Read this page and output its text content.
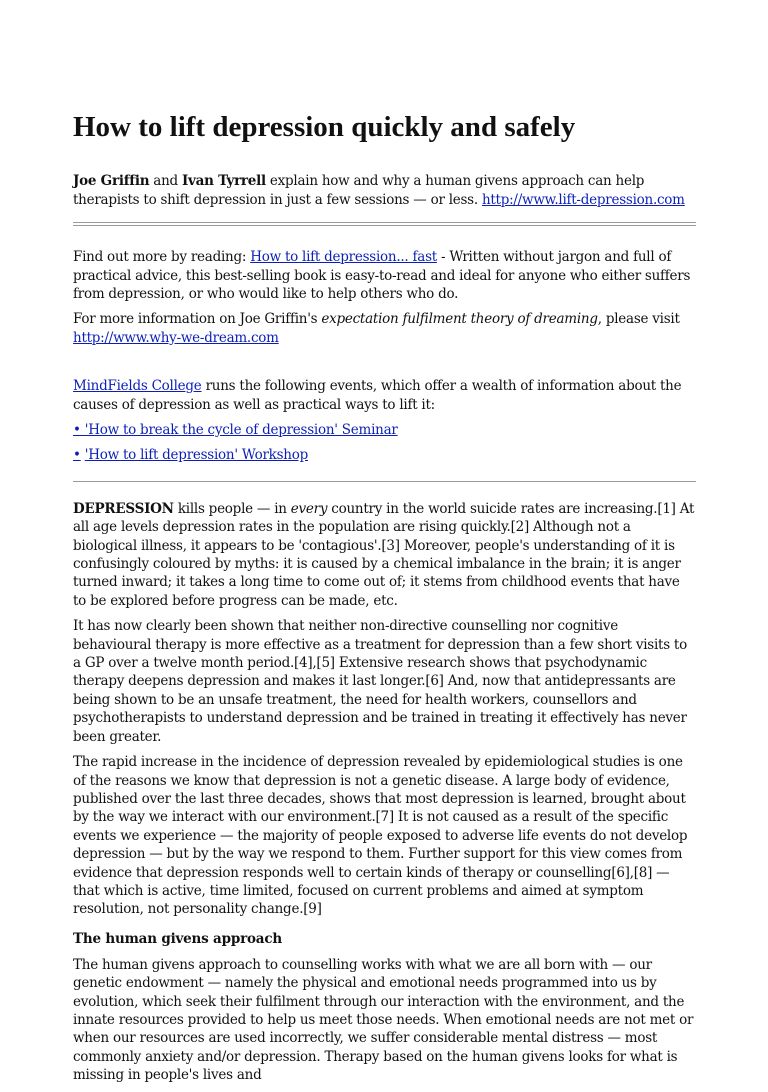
How to lift depression quickly and safely

Joe Griffin and Ivan Tyrrell explain how and why a human givens approach can help therapists to shift depression in just a few sessions — or less. http://www.lift-depression.com

Find out more by reading: How to lift depression... fast - Written without jargon and full of practical advice, this best-selling book is easy-to-read and ideal for anyone who either suffers from depression, or who would like to help others who do.

For more information on Joe Griffin's expectation fulfilment theory of dreaming, please visit http://www.why-we-dream.com

MindFields College runs the following events, which offer a wealth of information about the causes of depression as well as practical ways to lift it:

• 'How to break the cycle of depression' Seminar

• 'How to lift depression' Workshop

DEPRESSION kills people — in every country in the world suicide rates are increasing.[1] At all age levels depression rates in the population are rising quickly.[2] Although not a biological illness, it appears to be 'contagious'.[3] Moreover, people's understanding of it is confusingly coloured by myths: it is caused by a chemical imbalance in the brain; it is anger turned inward; it takes a long time to come out of; it stems from childhood events that have to be explored before progress can be made, etc.

It has now clearly been shown that neither non-directive counselling nor cognitive behavioural therapy is more effective as a treatment for depression than a few short visits to a GP over a twelve month period.[4],[5] Extensive research shows that psychodynamic therapy deepens depression and makes it last longer.[6] And, now that antidepressants are being shown to be an unsafe treatment, the need for health workers, counsellors and psychotherapists to understand depression and be trained in treating it effectively has never been greater.

The rapid increase in the incidence of depression revealed by epidemiological studies is one of the reasons we know that depression is not a genetic disease. A large body of evidence, published over the last three decades, shows that most depression is learned, brought about by the way we interact with our environment.[7] It is not caused as a result of the specific events we experience — the majority of people exposed to adverse life events do not develop depression — but by the way we respond to them. Further support for this view comes from evidence that depression responds well to certain kinds of therapy or counselling[6],[8] — that which is active, time limited, focused on current problems and aimed at symptom resolution, not personality change.[9]

The human givens approach

The human givens approach to counselling works with what we are all born with — our genetic endowment — namely the physical and emotional needs programmed into us by evolution, which seek their fulfilment through our interaction with the environment, and the innate resources provided to help us meet those needs. When emotional needs are not met or when our resources are used incorrectly, we suffer considerable mental distress — most commonly anxiety and/or depression. Therapy based on the human givens looks for what is missing in people's lives and
